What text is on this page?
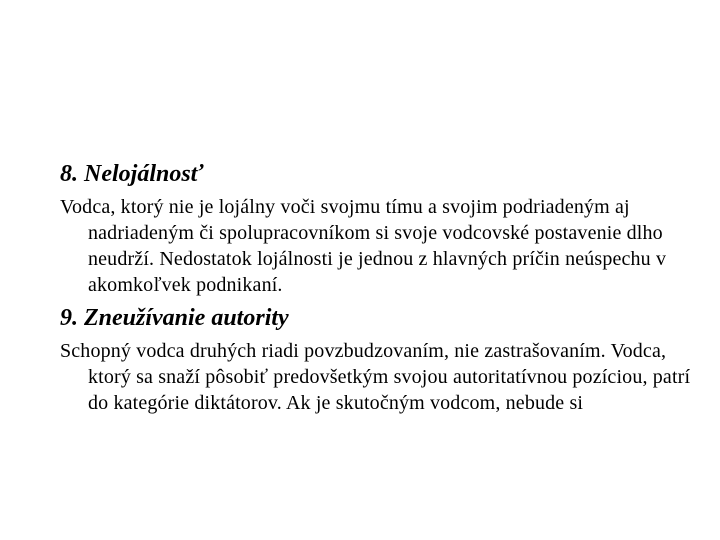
8. Nelojálnosť

Vodca, ktorý nie je lojálny voči svojmu tímu a svojim podriadeným aj nadriadeným či spolupracovníkom si svoje vodcovské postavenie dlho neudrží. Nedostatok lojálnosti je jednou z hlavných príčin neúspechu v akomkoľvek podnikaní.

9. Zneužívanie autority

Schopný vodca druhých riadi povzbudzovaním, nie zastrašovaním. Vodca, ktorý sa snaží pôsobiť predovšetkým svojou autoritatívnou pozíciou, patrí do kategórie diktátorov. Ak je skutočným vodcom, nebude si
